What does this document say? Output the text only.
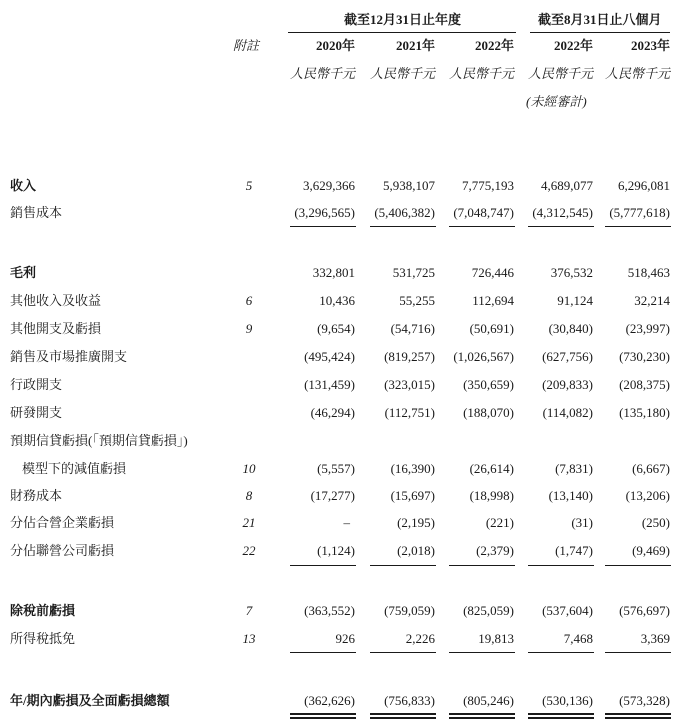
截至12月31日止年度	截至8月31日止八個月
附註	2020年	2021年	2022年	2022年	2023年
人民幣千元 人民幣千元 人民幣千元 人民幣千元 人民幣千元
(未經審計)
收入	5	3,629,366 5,938,107 7,775,193 4,689,077 6,296,081
銷售成本	(3,296,565) (5,406,382) (7,048,747) (4,312,545) (5,777,618)
毛利	332,801	531,725	726,446	376,532	518,463
其他收入及收益	6	10,436	55,255	112,694	91,124	32,214
其他開支及虧損	9	(9,654)	(54,716)	(50,691)	(30,840)	(23,997)
銷售及市場推廣開支	(495,424) (819,257) (1,026,567) (627,756) (730,230)
行政開支	(131,459) (323,015) (350,659) (209,833) (208,375)
研發開支	(46,294) (112,751) (188,070) (114,082) (135,180)
預期信貸虧損(「預期信貸虧損」)
模型下的減值虧損	10	(5,557)	(16,390)	(26,614)	(7,831)	(6,667)
財務成本	8	(17,277)	(15,697)	(18,998)	(13,140)	(13,206)
分佔合營企業虧損	21	–	(2,195)	(221)	(31)	(250)
分佔聯營公司虧損	22	(1,124)	(2,018)	(2,379)	(1,747)	(9,469)
除稅前虧損	7	(363,552) (759,059) (825,059) (537,604) (576,697)
所得稅抵免	13	926	2,226	19,813	7,468	3,369
年/期內虧損及全面虧損總額	(362,626) (756,833) (805,246) (530,136) (573,328)
